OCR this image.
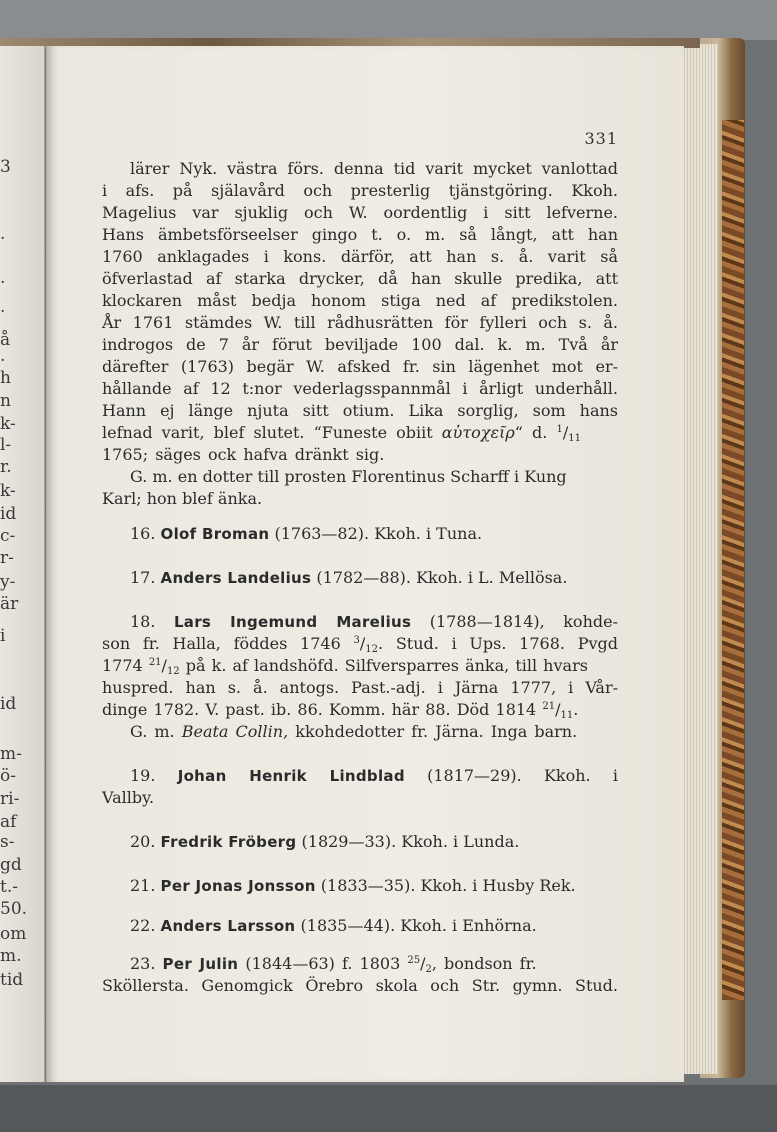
3
.
.
.
å
.
h
n
k-
l-
r.
k-
id
c-
r-
y-
är
i
id
m-
ö-
ri-
af
s-
gd
t.-
50.
om
m.
tid
331
lärer Nyk. västra förs. denna tid varit mycket vanlottad
i afs. på själavård och presterlig tjänstgöring. Kkoh.
Magelius var sjuklig och W. oordentlig i sitt lefverne.
Hans ämbetsförseelser gingo t. o. m. så långt, att han
1760 anklagades i kons. därför, att han s. å. varit så
öfverlastad af starka drycker, då han skulle predika, att
klockaren måst bedja honom stiga ned af predikstolen.
År 1761 stämdes W. till rådhusrätten för fylleri och s. å.
indrogos de 7 år förut beviljade 100 dal. k. m. Två år
därefter (1763) begär W. afsked fr. sin lägenhet mot er-
hållande af 12 t:nor vederlagsspannmål i årligt underhåll.
Hann ej länge njuta sitt otium. Lika sorglig, som hans
lefnad varit, blef slutet. “Funeste obiit αὐτοχεῖρ“ d. $^1/_{11}$
1765; säges ock hafva dränkt sig.
G. m. en dotter till prosten Florentinus Scharff i Kung
Karl; hon blef änka.
16. Olof Broman (1763—82). Kkoh. i Tuna.
17. Anders Landelius (1782—88). Kkoh. i L. Mellösa.
18. Lars Ingemund Marelius (1788—1814), kohde-
son fr. Halla, föddes 1746 $^3/_{12}$. Stud. i Ups. 1768. Pvgd
1774 $^{21}/_{12}$ på k. af landshöfd. Silfversparres änka, till hvars
huspred. han s. å. antogs. Past.-adj. i Järna 1777, i Vår-
dinge 1782. V. past. ib. 86. Komm. här 88. Död 1814 $^{21}/_{11}$.
G. m. Beata Collin, kkohdedotter fr. Järna. Inga barn.
19. Johan Henrik Lindblad (1817—29). Kkoh. i
Vallby.
20. Fredrik Fröberg (1829—33). Kkoh. i Lunda.
21. Per Jonas Jonsson (1833—35). Kkoh. i Husby Rek.
22. Anders Larsson (1835—44). Kkoh. i Enhörna.
23. Per Julin (1844—63) f. 1803 $^{25}/_2$, bondson fr.
Sköllersta. Genomgick Örebro skola och Str. gymn. Stud.
